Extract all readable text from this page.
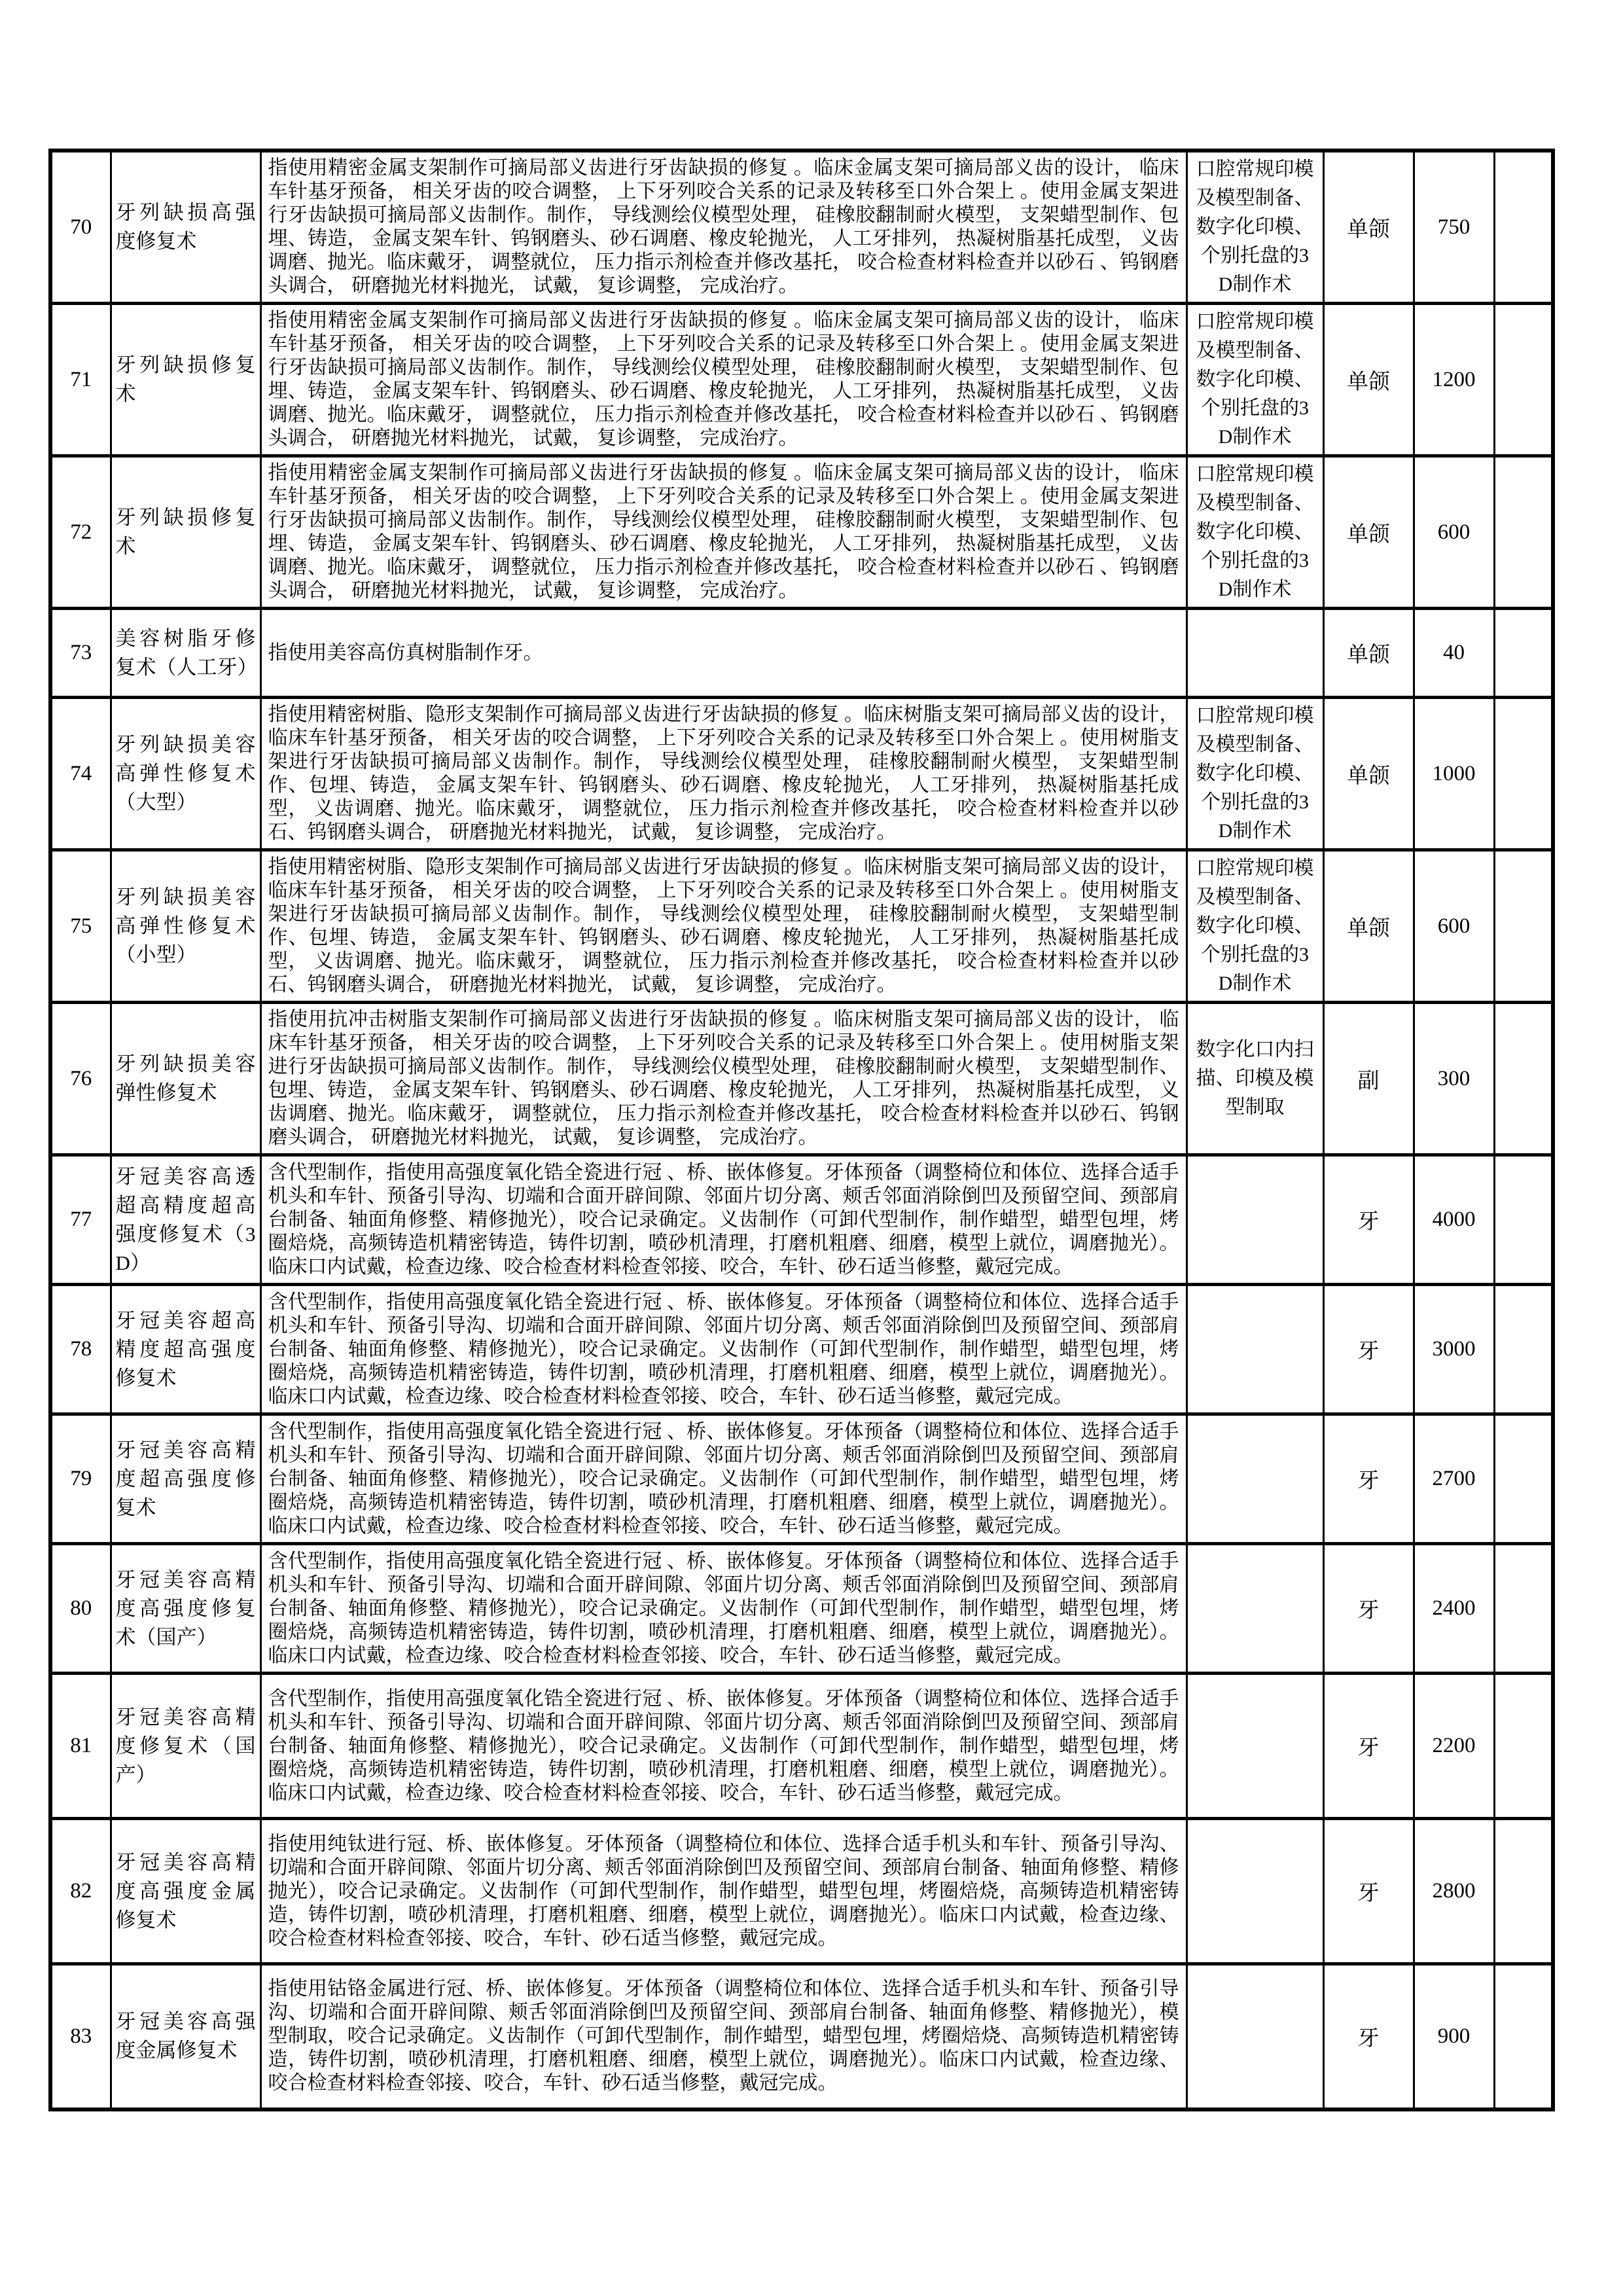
70	牙列缺损高强度修复术	指使用精密金属支架制作可摘局部义齿进行牙齿缺损的修复 。临床金属支架可摘局部义齿的设计， 临床车针基牙预备， 相关牙齿的咬合调整， 上下牙列咬合关系的记录及转移至口外合架上 。使用金属支架进行牙齿缺损可摘局部义齿制作。制作， 导线测绘仪模型处理， 硅橡胶翻制耐火模型， 支架蜡型制作、包埋、铸造， 金属支架车针、钨钢磨头、砂石调磨、橡皮轮抛光， 人工牙排列， 热凝树脂基托成型， 义齿调磨、抛光。临床戴牙， 调整就位， 压力指示剂检查并修改基托， 咬合检查材料检查并以砂石 、钨钢磨头调合， 研磨抛光材料抛光， 试戴， 复诊调整， 完成治疗。	口腔常规印模及模型制备、数字化印模、个别托盘的3D制作术	单颌	750	
71	牙列缺损修复术	指使用精密金属支架制作可摘局部义齿进行牙齿缺损的修复 。临床金属支架可摘局部义齿的设计， 临床车针基牙预备， 相关牙齿的咬合调整， 上下牙列咬合关系的记录及转移至口外合架上 。使用金属支架进行牙齿缺损可摘局部义齿制作。制作， 导线测绘仪模型处理， 硅橡胶翻制耐火模型， 支架蜡型制作、包埋、铸造， 金属支架车针、钨钢磨头、砂石调磨、橡皮轮抛光， 人工牙排列， 热凝树脂基托成型， 义齿调磨、抛光。临床戴牙， 调整就位， 压力指示剂检查并修改基托， 咬合检查材料检查并以砂石 、钨钢磨头调合， 研磨抛光材料抛光， 试戴， 复诊调整， 完成治疗。	口腔常规印模及模型制备、数字化印模、个别托盘的3D制作术	单颌	1200	
72	牙列缺损修复术	指使用精密金属支架制作可摘局部义齿进行牙齿缺损的修复 。临床金属支架可摘局部义齿的设计， 临床车针基牙预备， 相关牙齿的咬合调整， 上下牙列咬合关系的记录及转移至口外合架上 。使用金属支架进行牙齿缺损可摘局部义齿制作。制作， 导线测绘仪模型处理， 硅橡胶翻制耐火模型， 支架蜡型制作、包埋、铸造， 金属支架车针、钨钢磨头、砂石调磨、橡皮轮抛光， 人工牙排列， 热凝树脂基托成型， 义齿调磨、抛光。临床戴牙， 调整就位， 压力指示剂检查并修改基托， 咬合检查材料检查并以砂石 、钨钢磨头调合， 研磨抛光材料抛光， 试戴， 复诊调整， 完成治疗。	口腔常规印模及模型制备、数字化印模、个别托盘的3D制作术	单颌	600	
73	美容树脂牙修复术（人工牙）	指使用美容高仿真树脂制作牙。		单颌	40	
74	牙列缺损美容高弹性修复术（大型）	指使用精密树脂、隐形支架制作可摘局部义齿进行牙齿缺损的修复 。临床树脂支架可摘局部义齿的设计， 临床车针基牙预备， 相关牙齿的咬合调整， 上下牙列咬合关系的记录及转移至口外合架上 。使用树脂支架进行牙齿缺损可摘局部义齿制作。制作， 导线测绘仪模型处理， 硅橡胶翻制耐火模型， 支架蜡型制作、包埋、铸造， 金属支架车针、钨钢磨头、砂石调磨、橡皮轮抛光， 人工牙排列， 热凝树脂基托成型， 义齿调磨、抛光。临床戴牙， 调整就位， 压力指示剂检查并修改基托， 咬合检查材料检查并以砂石、钨钢磨头调合， 研磨抛光材料抛光， 试戴， 复诊调整， 完成治疗。	口腔常规印模及模型制备、数字化印模、个别托盘的3D制作术	单颌	1000	
75	牙列缺损美容高弹性修复术（小型）	指使用精密树脂、隐形支架制作可摘局部义齿进行牙齿缺损的修复 。临床树脂支架可摘局部义齿的设计， 临床车针基牙预备， 相关牙齿的咬合调整， 上下牙列咬合关系的记录及转移至口外合架上 。使用树脂支架进行牙齿缺损可摘局部义齿制作。制作， 导线测绘仪模型处理， 硅橡胶翻制耐火模型， 支架蜡型制作、包埋、铸造， 金属支架车针、钨钢磨头、砂石调磨、橡皮轮抛光， 人工牙排列， 热凝树脂基托成型， 义齿调磨、抛光。临床戴牙， 调整就位， 压力指示剂检查并修改基托， 咬合检查材料检查并以砂石、钨钢磨头调合， 研磨抛光材料抛光， 试戴， 复诊调整， 完成治疗。	口腔常规印模及模型制备、数字化印模、个别托盘的3D制作术	单颌	600	
76	牙列缺损美容弹性修复术	指使用抗冲击树脂支架制作可摘局部义齿进行牙齿缺损的修复 。临床树脂支架可摘局部义齿的设计， 临床车针基牙预备， 相关牙齿的咬合调整， 上下牙列咬合关系的记录及转移至口外合架上 。使用树脂支架进行牙齿缺损可摘局部义齿制作。制作， 导线测绘仪模型处理， 硅橡胶翻制耐火模型， 支架蜡型制作、包埋、铸造， 金属支架车针、钨钢磨头、砂石调磨、橡皮轮抛光， 人工牙排列， 热凝树脂基托成型， 义齿调磨、抛光。临床戴牙， 调整就位， 压力指示剂检查并修改基托， 咬合检查材料检查并以砂石、钨钢磨头调合， 研磨抛光材料抛光， 试戴， 复诊调整， 完成治疗。	数字化口内扫描、印模及模型制取	副	300	
77	牙冠美容高透超高精度超高强度修复术（3D）	含代型制作，指使用高强度氧化锆全瓷进行冠 、桥、嵌体修复。牙体预备（调整椅位和体位、选择合适手机头和车针、预备引导沟、切端和合面开辟间隙、邻面片切分离、颊舌邻面消除倒凹及预留空间、颈部肩台制备、轴面角修整、精修抛光），咬合记录确定。义齿制作（可卸代型制作，制作蜡型，蜡型包埋，烤圈焙烧，高频铸造机精密铸造，铸件切割，喷砂机清理，打磨机粗磨、细磨，模型上就位，调磨抛光）。临床口内试戴，检查边缘、咬合检查材料检查邻接、咬合，车针、砂石适当修整，戴冠完成。		牙	4000	
78	牙冠美容超高精度超高强度修复术	含代型制作，指使用高强度氧化锆全瓷进行冠 、桥、嵌体修复。牙体预备（调整椅位和体位、选择合适手机头和车针、预备引导沟、切端和合面开辟间隙、邻面片切分离、颊舌邻面消除倒凹及预留空间、颈部肩台制备、轴面角修整、精修抛光），咬合记录确定。义齿制作（可卸代型制作，制作蜡型，蜡型包埋，烤圈焙烧，高频铸造机精密铸造，铸件切割，喷砂机清理，打磨机粗磨、细磨，模型上就位，调磨抛光）。临床口内试戴，检查边缘、咬合检查材料检查邻接、咬合，车针、砂石适当修整，戴冠完成。		牙	3000	
79	牙冠美容高精度超高强度修复术	含代型制作，指使用高强度氧化锆全瓷进行冠 、桥、嵌体修复。牙体预备（调整椅位和体位、选择合适手机头和车针、预备引导沟、切端和合面开辟间隙、邻面片切分离、颊舌邻面消除倒凹及预留空间、颈部肩台制备、轴面角修整、精修抛光），咬合记录确定。义齿制作（可卸代型制作，制作蜡型，蜡型包埋，烤圈焙烧，高频铸造机精密铸造，铸件切割，喷砂机清理，打磨机粗磨、细磨，模型上就位，调磨抛光）。临床口内试戴，检查边缘、咬合检查材料检查邻接、咬合，车针、砂石适当修整，戴冠完成。		牙	2700	
80	牙冠美容高精度高强度修复术（国产）	含代型制作，指使用高强度氧化锆全瓷进行冠 、桥、嵌体修复。牙体预备（调整椅位和体位、选择合适手机头和车针、预备引导沟、切端和合面开辟间隙、邻面片切分离、颊舌邻面消除倒凹及预留空间、颈部肩台制备、轴面角修整、精修抛光），咬合记录确定。义齿制作（可卸代型制作，制作蜡型，蜡型包埋，烤圈焙烧，高频铸造机精密铸造，铸件切割，喷砂机清理，打磨机粗磨、细磨，模型上就位，调磨抛光）。临床口内试戴，检查边缘、咬合检查材料检查邻接、咬合，车针、砂石适当修整，戴冠完成。		牙	2400	
81	牙冠美容高精度修复术（国产）	含代型制作，指使用高强度氧化锆全瓷进行冠 、桥、嵌体修复。牙体预备（调整椅位和体位、选择合适手机头和车针、预备引导沟、切端和合面开辟间隙、邻面片切分离、颊舌邻面消除倒凹及预留空间、颈部肩台制备、轴面角修整、精修抛光），咬合记录确定。义齿制作（可卸代型制作，制作蜡型，蜡型包埋，烤圈焙烧，高频铸造机精密铸造，铸件切割，喷砂机清理，打磨机粗磨、细磨，模型上就位，调磨抛光）。临床口内试戴，检查边缘、咬合检查材料检查邻接、咬合，车针、砂石适当修整，戴冠完成。		牙	2200	
82	牙冠美容高精度高强度金属修复术	指使用纯钛进行冠、桥、嵌体修复。牙体预备（调整椅位和体位、选择合适手机头和车针、预备引导沟、切端和合面开辟间隙、邻面片切分离、颊舌邻面消除倒凹及预留空间、颈部肩台制备、轴面角修整、精修抛光），咬合记录确定。义齿制作（可卸代型制作，制作蜡型，蜡型包埋，烤圈焙烧，高频铸造机精密铸造，铸件切割，喷砂机清理，打磨机粗磨、细磨，模型上就位，调磨抛光）。临床口内试戴，检查边缘、咬合检查材料检查邻接、咬合，车针、砂石适当修整，戴冠完成。		牙	2800	
83	牙冠美容高强度金属修复术	指使用钴铬金属进行冠、桥、嵌体修复。牙体预备（调整椅位和体位、选择合适手机头和车针、预备引导沟、切端和合面开辟间隙、颊舌邻面消除倒凹及预留空间、颈部肩台制备、轴面角修整、精修抛光），模型制取，咬合记录确定。义齿制作（可卸代型制作，制作蜡型，蜡型包埋，烤圈焙烧、高频铸造机精密铸造，铸件切割，喷砂机清理，打磨机粗磨、细磨，模型上就位，调磨抛光）。临床口内试戴，检查边缘、咬合检查材料检查邻接、咬合，车针、砂石适当修整，戴冠完成。		牙	900	
